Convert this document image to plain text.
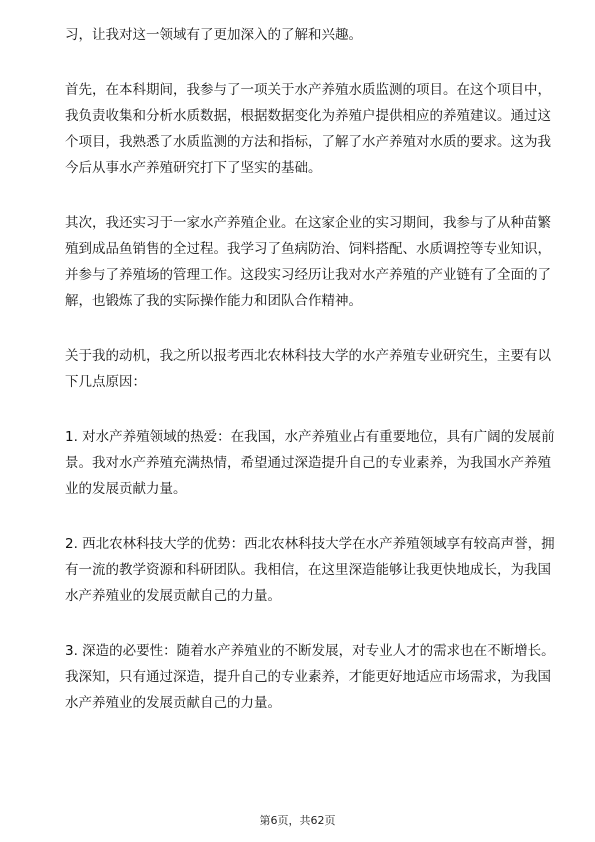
习，让我对这一领域有了更加深入的了解和兴趣。

首先，在本科期间，我参与了一项关于水产养殖水质监测的项目。在这个项目中，
我负责收集和分析水质数据，根据数据变化为养殖户提供相应的养殖建议。通过这
个项目，我熟悉了水质监测的方法和指标，了解了水产养殖对水质的要求。这为我
今后从事水产养殖研究打下了坚实的基础。

其次，我还实习于一家水产养殖企业。在这家企业的实习期间，我参与了从种苗繁
殖到成品鱼销售的全过程。我学习了鱼病防治、饲料搭配、水质调控等专业知识，
并参与了养殖场的管理工作。这段实习经历让我对水产养殖的产业链有了全面的了
解，也锻炼了我的实际操作能力和团队合作精神。

关于我的动机，我之所以报考西北农林科技大学的水产养殖专业研究生，主要有以
下几点原因：

1. 对水产养殖领域的热爱：在我国，水产养殖业占有重要地位，具有广阔的发展前
景。我对水产养殖充满热情，希望通过深造提升自己的专业素养，为我国水产养殖
业的发展贡献力量。

2. 西北农林科技大学的优势：西北农林科技大学在水产养殖领域享有较高声誉，拥
有一流的教学资源和科研团队。我相信，在这里深造能够让我更快地成长，为我国
水产养殖业的发展贡献自己的力量。

3. 深造的必要性：随着水产养殖业的不断发展，对专业人才的需求也在不断增长。
我深知，只有通过深造，提升自己的专业素养，才能更好地适应市场需求，为我国
水产养殖业的发展贡献自己的力量。

第6页，共62页
